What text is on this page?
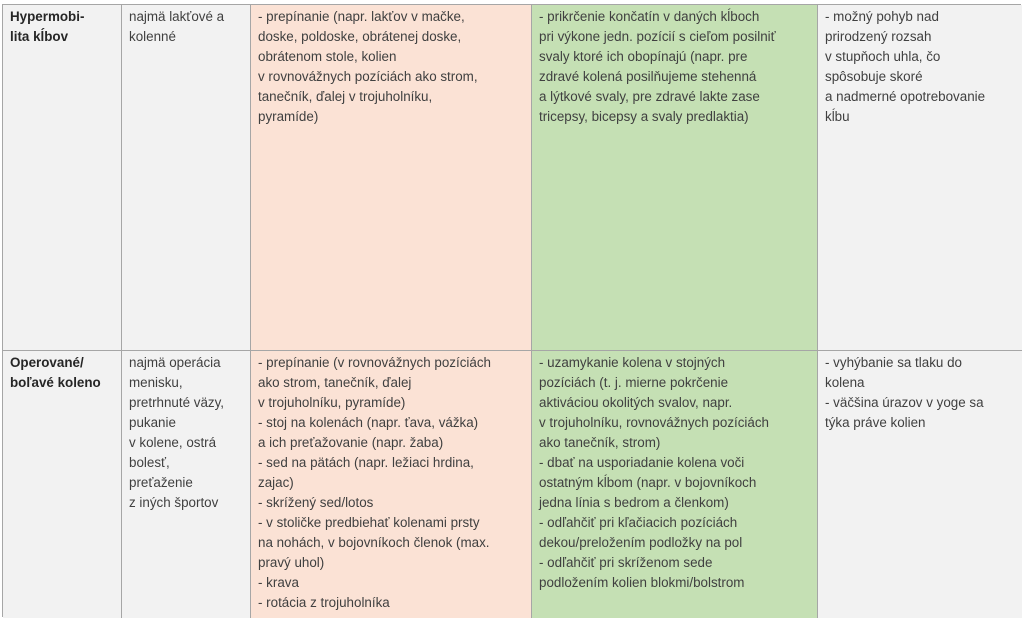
Hypermobi-
lita kĺbov
najmä lakťové a
kolenné
- prepínanie (napr. lakťov v mačke,
doske, poldoske, obrátenej doske,
obrátenom stole, kolien
v rovnovážnych pozíciách ako strom,
tanečník, ďalej v trojuholníku,
pyramíde)
- prikrčenie končatín v daných kĺboch
pri výkone jedn. pozícií s cieľom posilniť
svaly ktoré ich obopínajú (napr. pre
zdravé kolená posilňujeme stehenná
a lýtkové svaly, pre zdravé lakte zase
tricepsy, bicepsy a svaly predlaktia)
- možný pohyb nad
prirodzený rozsah
v stupňoch uhla, čo
spôsobuje skoré
a nadmerné opotrebovanie
kĺbu
Operované/
boľavé koleno
najmä operácia
menisku,
pretrhnuté väzy,
pukanie
v kolene, ostrá
bolesť,
preťaženie
z iných športov
- prepínanie (v rovnovážnych pozíciách
ako strom, tanečník, ďalej
v trojuholníku, pyramíde)
- stoj na kolenách (napr. ťava, vážka)
a ich preťažovanie (napr. žaba)
- sed na pätách (napr. ležiaci hrdina,
zajac)
- skrížený sed/lotos
- v stoličke predbiehať kolenami prsty
na nohách, v bojovníkoch členok (max.
pravý uhol)
- krava
- rotácia z trojuholníka
- uzamykanie kolena v stojných
pozíciách (t. j. mierne pokrčenie
aktiváciou okolitých svalov, napr.
v trojuholníku, rovnovážnych pozíciách
ako tanečník, strom)
- dbať na usporiadanie kolena voči
ostatným kĺbom (napr. v bojovníkoch
jedna línia s bedrom a členkom)
- odľahčiť pri kľačiacich pozíciách
dekou/preložením podložky na pol
- odľahčiť pri skríženom sede
podložením kolien blokmi/bolstrom
- vyhýbanie sa tlaku do
kolena
- väčšina úrazov v yoge sa
týka práve kolien
